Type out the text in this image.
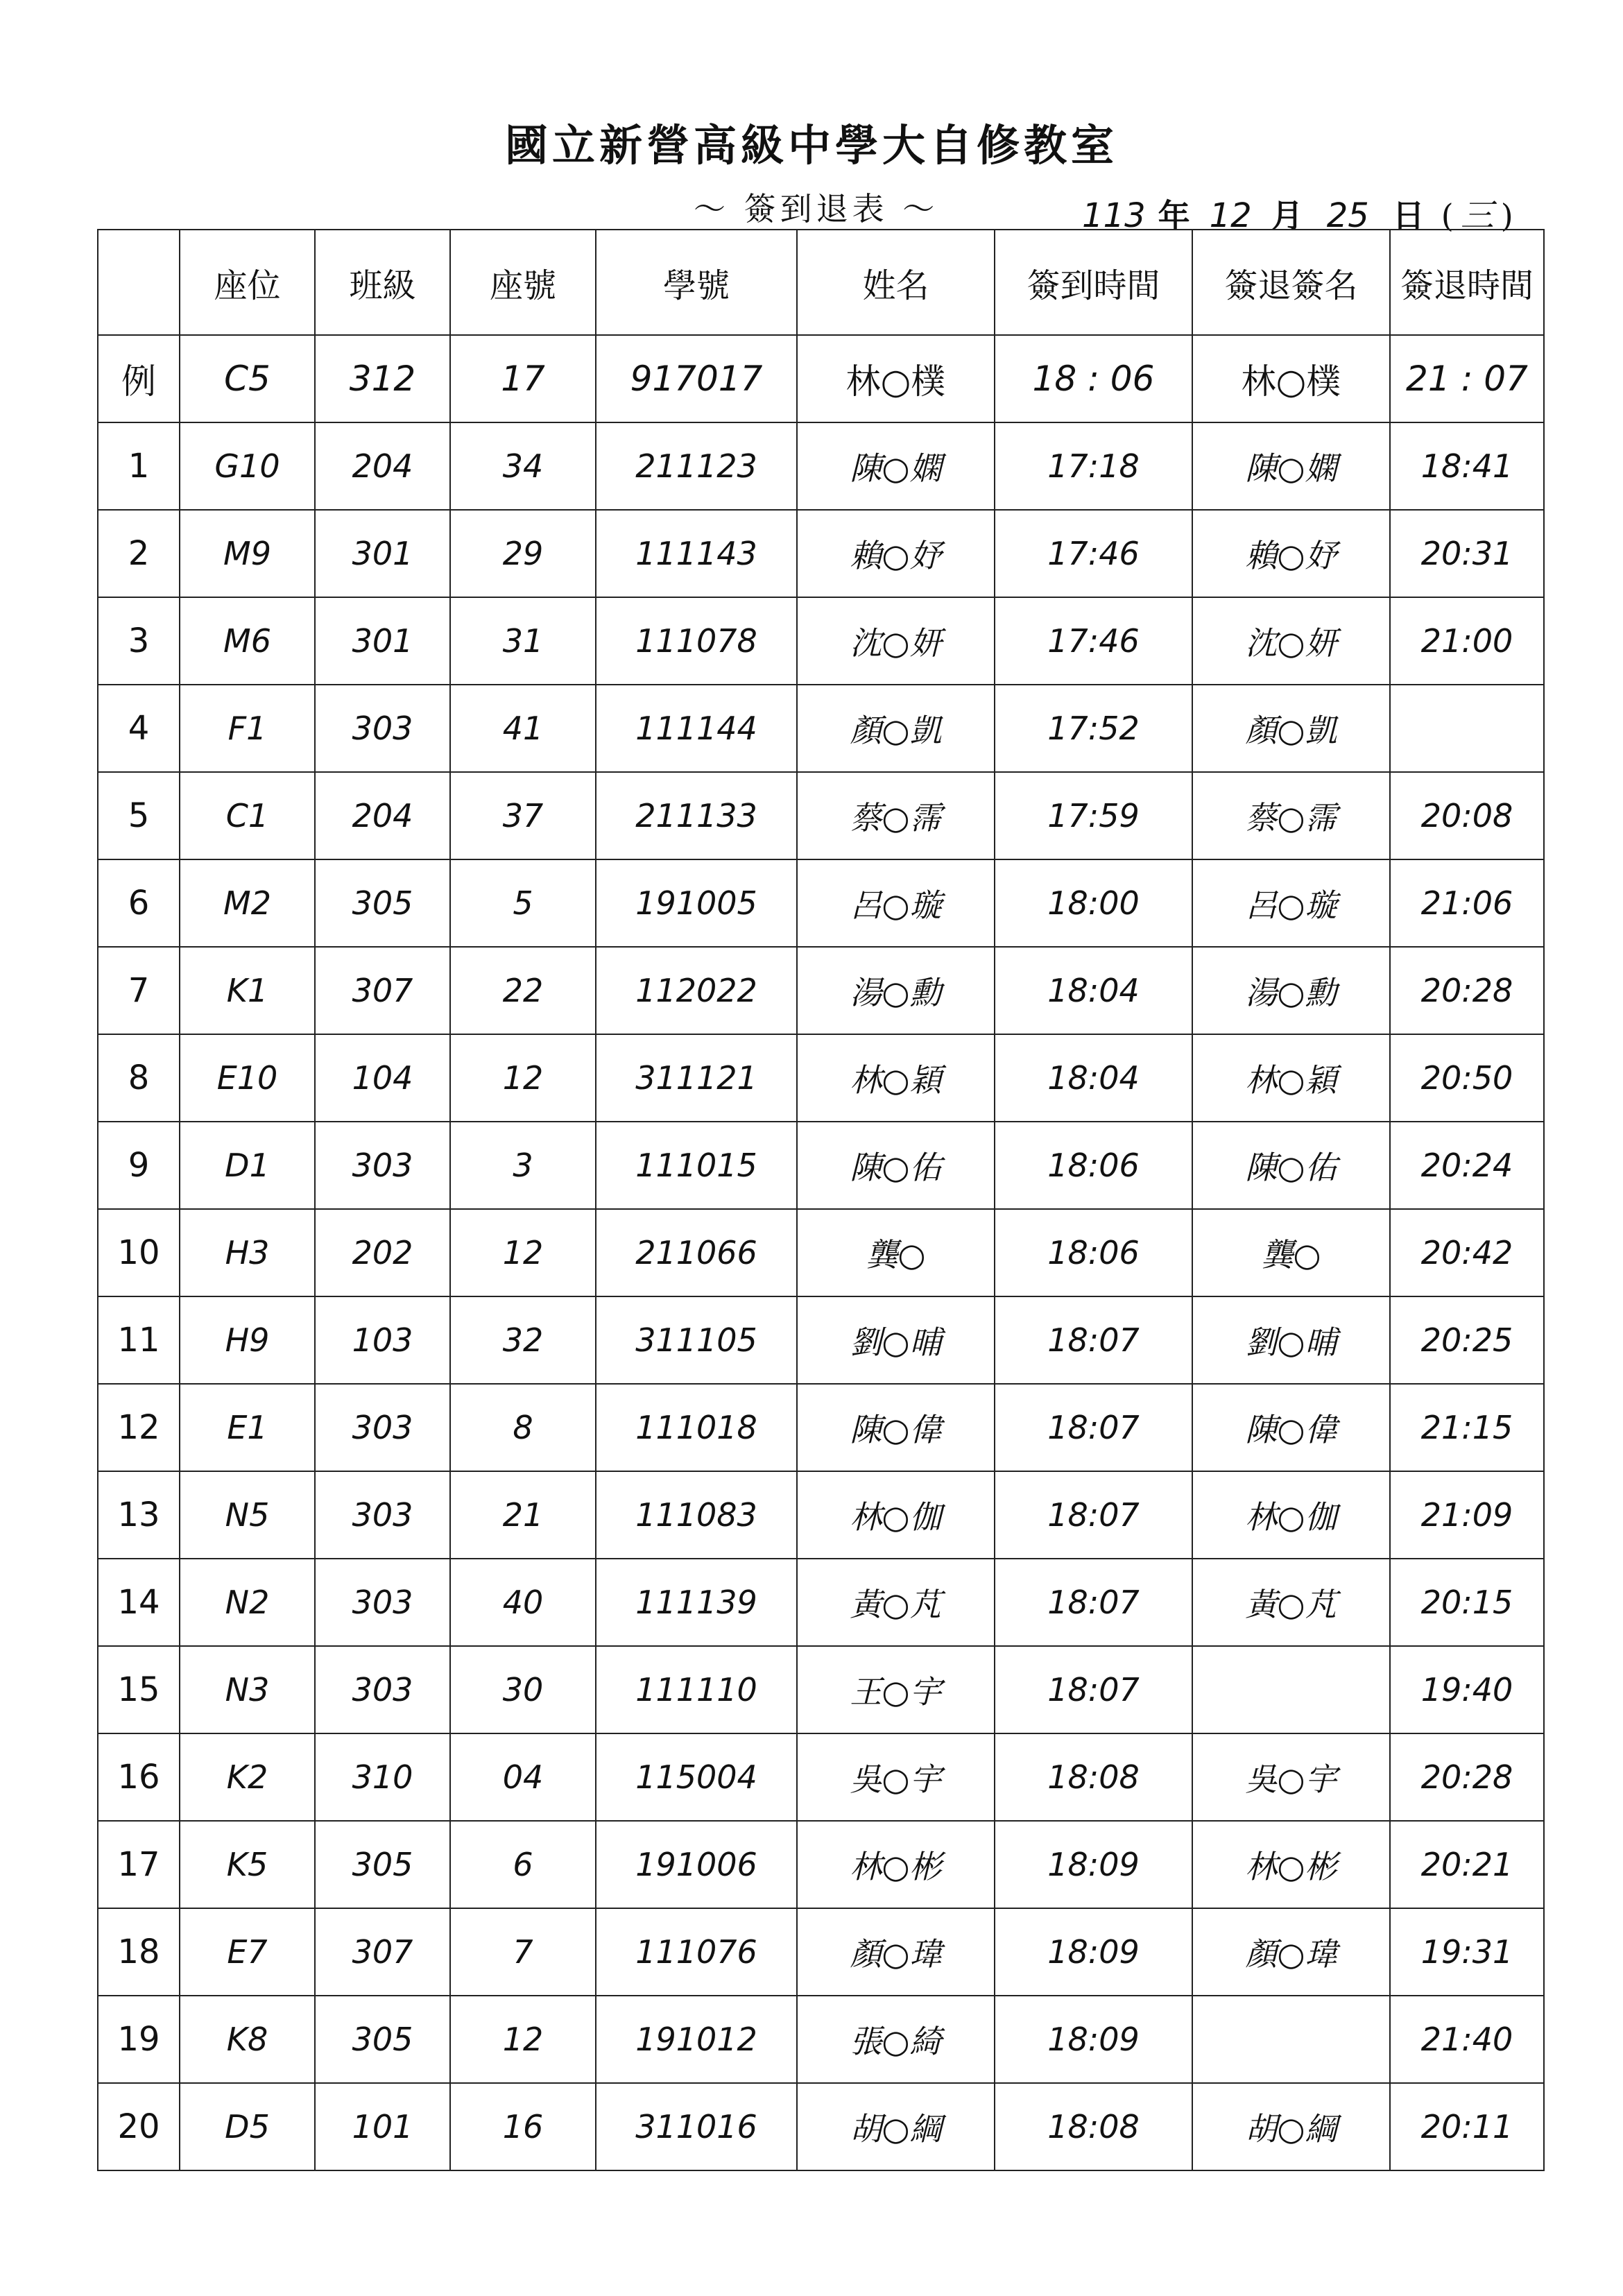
國立新營高級中學大自修教室
～ 簽到退表 ～	113 年 12 月 25 日 ( 三 )
	座位	班級	座號	學號	姓名	簽到時間	簽退簽名	簽退時間
例	C5	312	17	917017	林○樸	18 : 06	林○樸	21 : 07
1	G10	204	34	211123	陳○嫻	17:18	陳○嫻	18:41
2	M9	301	29	111143	賴○妤	17:46	賴○妤	20:31
3	M6	301	31	111078	沈○妍	17:46	沈○妍	21:00
4	F1	303	41	111144	顏○凱	17:52	顏○凱	
5	C1	204	37	211133	蔡○霈	17:59	蔡○霈	20:08
6	M2	305	5	191005	呂○璇	18:00	呂○璇	21:06
7	K1	307	22	112022	湯○勳	18:04	湯○勳	20:28
8	E10	104	12	311121	林○穎	18:04	林○穎	20:50
9	D1	303	3	111015	陳○佑	18:06	陳○佑	20:24
10	H3	202	12	211066	龔○	18:06	龔○	20:42
11	H9	103	32	311105	劉○晡	18:07	劉○晡	20:25
12	E1	303	8	111018	陳○偉	18:07	陳○偉	21:15
13	N5	303	21	111083	林○伽	18:07	林○伽	21:09
14	N2	303	40	111139	黃○芃	18:07	黃○芃	20:15
15	N3	303	30	111110	王○宇	18:07		19:40
16	K2	310	04	115004	吳○宇	18:08	吳○宇	20:28
17	K5	305	6	191006	林○彬	18:09	林○彬	20:21
18	E7	307	7	111076	顏○瑋	18:09	顏○瑋	19:31
19	K8	305	12	191012	張○綺	18:09		21:40
20	D5	101	16	311016	胡○綱	18:08	胡○綱	20:11
